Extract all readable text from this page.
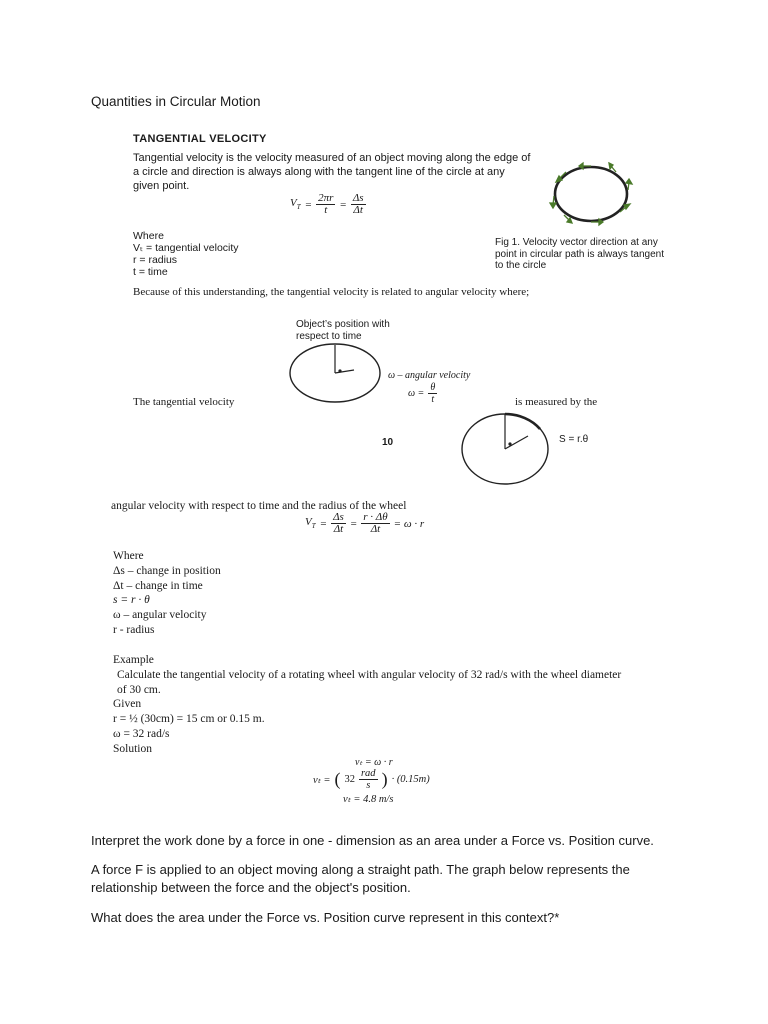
Quantities in Circular Motion
TANGENTIAL VELOCITY
Tangential velocity is the velocity measured of an object moving along the edge of a circle and direction is always along with the tangent line of the circle at any given point.
$V_T = \frac{2\pi r}{t} = \frac{\Delta s}{\Delta t}$
Where
Vₜ = tangential velocity
r = radius
t = time
Fig 1. Velocity vector direction at any point in circular path is always tangent to the circle
Because of this understanding, the tangential velocity is related to angular velocity where;
Object’s position with respect to time
ω – angular velocity
$\omega = \frac{\theta}{t}$
The tangential velocity	is measured by the
10	S = r.θ
angular velocity with respect to time and the radius of the wheel
$V_T = \frac{\Delta s}{\Delta t} = \frac{r \cdot \Delta\theta}{\Delta t} = \omega \cdot r$
Where
Δs – change in position
Δt – change in time
s = r · θ
ω – angular velocity
r - radius
Example
Calculate the tangential velocity of a rotating wheel with angular velocity of 32 rad/s with the wheel diameter of 30 cm.
Given
r = ½ (30cm) = 15 cm or 0.15 m.
ω = 32 rad/s
Solution
vₜ = ω · r
vₜ = ( $32 \frac{\text{rad}}{s}$ ) · (0.15m)
vₜ = 4.8 m/s
Interpret the work done by a force in one - dimension as an area under a Force vs. Position curve.
A force F is applied to an object moving along a straight path. The graph below represents the relationship between the force and the object's position.
What does the area under the Force vs. Position curve represent in this context?*
